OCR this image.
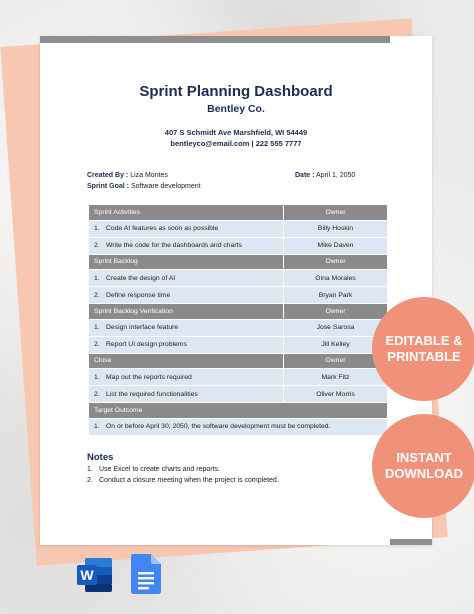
Sprint Planning Dashboard
Bentley Co.
407 S Schmidt Ave Marshfield, WI 54449
bentleyco@email.com | 222 555 7777
Created By : Liza Montes
Sprint Goal : Software development
Date : April 1, 2050
Sprint Activities	Owner
1. Code AI features as soon as possible	Billy Hoskin
2. Write the code for the dashboards and charts	Mike Daven
Sprint Backlog	Owner
1. Create the design of AI	Gina Morales
2. Define response time	Bryan Park
Sprint Backlog Verification	Owner
1. Design interface feature	Jose Sarosa
2. Report UI design problems	Jill Kelley
Close	Owner
1. Map out the reports required	Mark Fitz
2. List the required functionalities	Oliver Morris
Target Outcome	
1. On or before April 30, 2050, the software development must be completed.	
Notes
1. Use Excel to create charts and reports.
2. Conduct a closure meeting when the project is completed.
EDITABLE &
PRINTABLE
INSTANT
DOWNLOAD
W
